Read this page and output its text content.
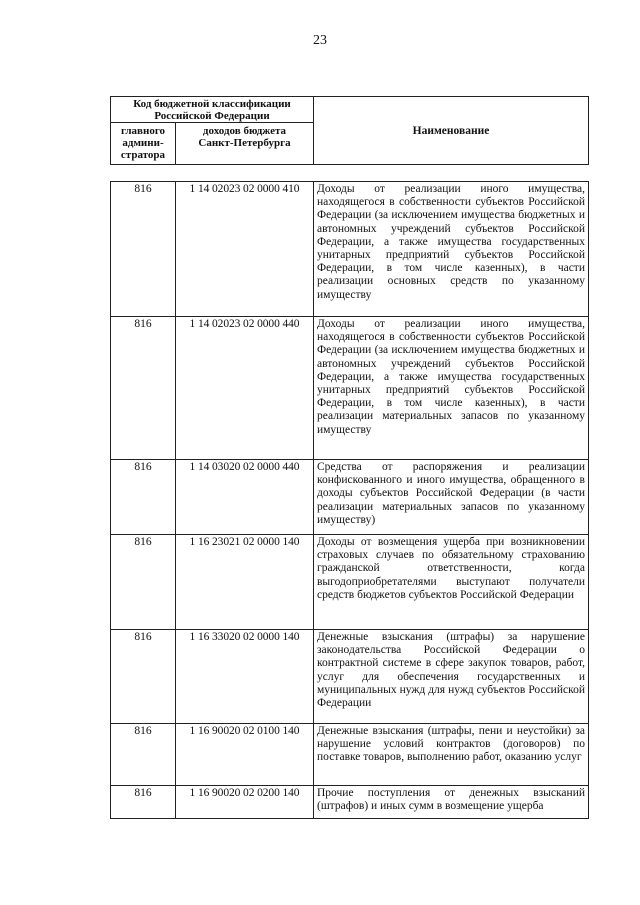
23
Код бюджетной классификации Российской Федерации		Наименование
главного админи-стратора	доходов бюджета Санкт-Петербурга	
816	1 14 02023 02 0000 410	Доходы от реализации иного имущества, находящегося в собственности субъектов Российской Федерации (за исключением имущества бюджетных и автономных учреждений субъектов Российской Федерации, а также имущества государственных унитарных предприятий субъектов Российской Федерации, в том числе казенных), в части реализации основных средств по указанному имуществу
816	1 14 02023 02 0000 440	Доходы от реализации иного имущества, находящегося в собственности субъектов Российской Федерации (за исключением имущества бюджетных и автономных учреждений субъектов Российской Федерации, а также имущества государственных унитарных предприятий субъектов Российской Федерации, в том числе казенных), в части реализации материальных запасов по указанному имуществу
816	1 14 03020 02 0000 440	Средства от распоряжения и реализации конфискованного и иного имущества, обращенного в доходы субъектов Российской Федерации (в части реализации материальных запасов по указанному имуществу)
816	1 16 23021 02 0000 140	Доходы от возмещения ущерба при возникновении страховых случаев по обязательному страхованию гражданской ответственности, когда выгодоприобретателями выступают получатели средств бюджетов субъектов Российской Федерации
816	1 16 33020 02 0000 140	Денежные взыскания (штрафы) за нарушение законодательства Российской Федерации о контрактной системе в сфере закупок товаров, работ, услуг для обеспечения государственных и муниципальных нужд для нужд субъектов Российской Федерации
816	1 16 90020 02 0100 140	Денежные взыскания (штрафы, пени и неустойки) за нарушение условий контрактов (договоров) по поставке товаров, выполнению работ, оказанию услуг
816	1 16 90020 02 0200 140	Прочие поступления от денежных взысканий (штрафов) и иных сумм в возмещение ущерба
